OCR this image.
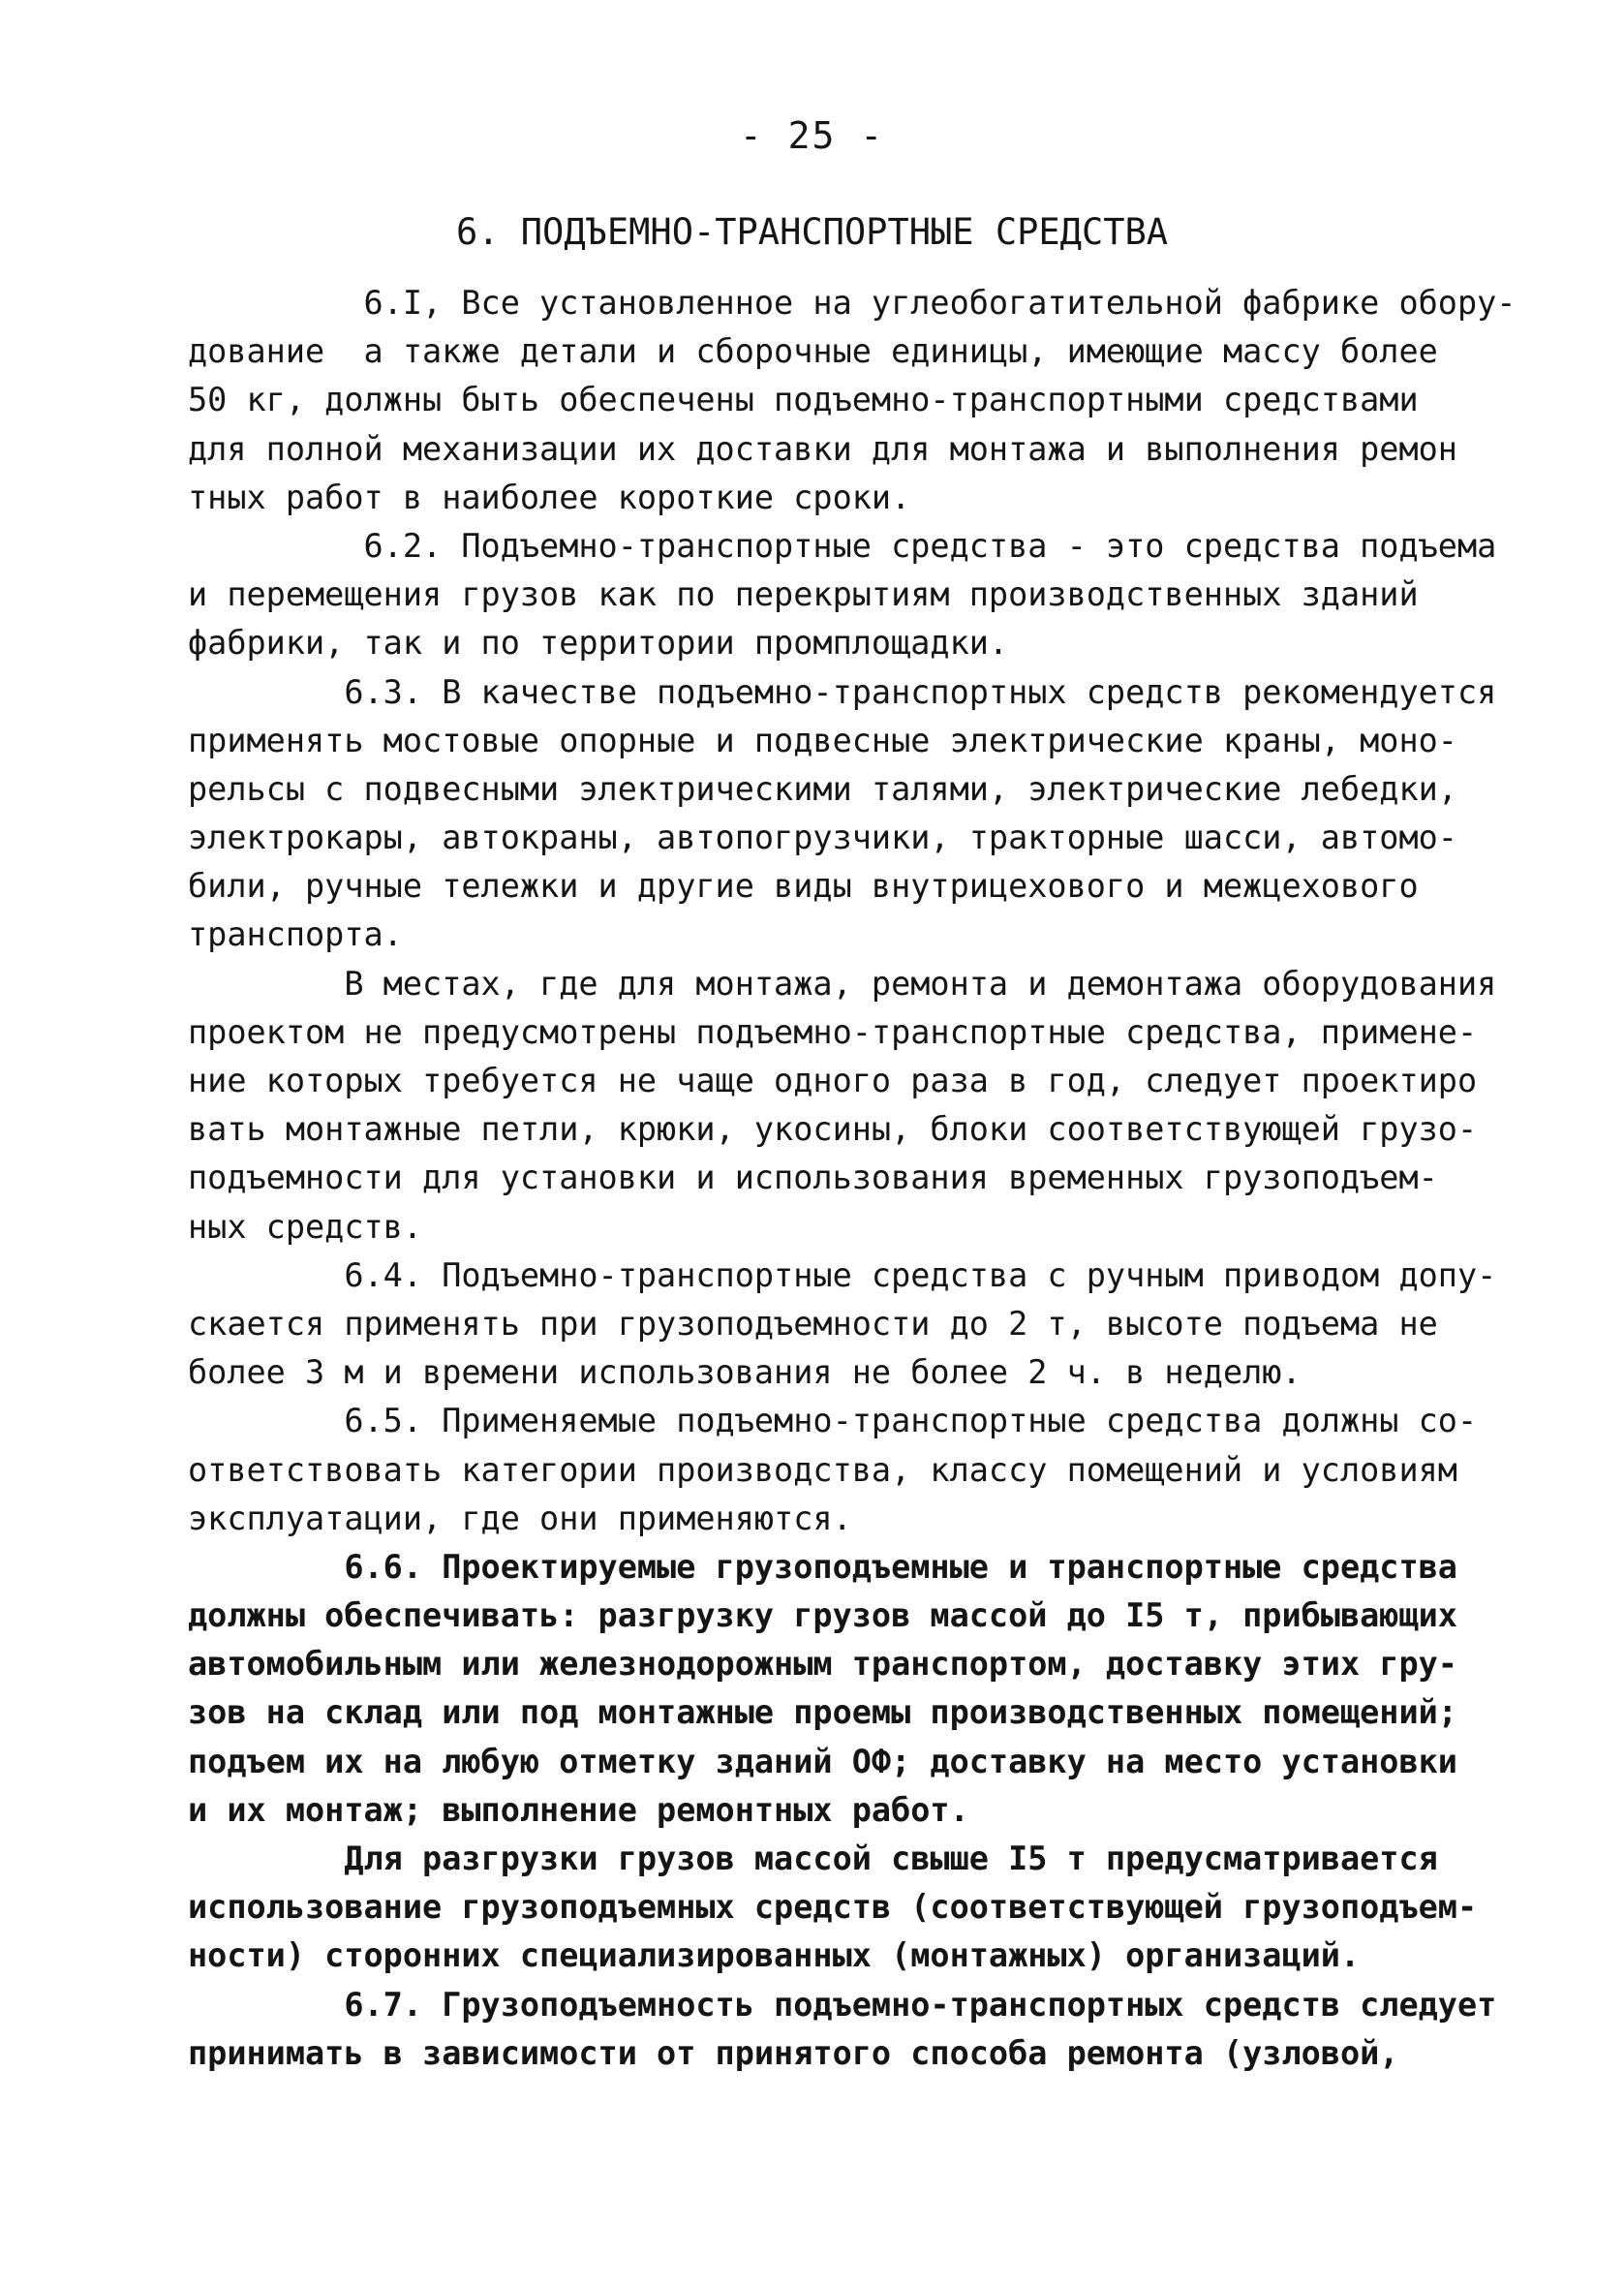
- 25 -
6. ПОДЪЕМНО-ТРАНСПОРТНЫЕ СРЕДСТВА
6.I, Все установленное на углеобогатительной фабрике обору-
дование  а также детали и сборочные единицы, имеющие массу более
50 кг, должны быть обеспечены подъемно-транспортными средствами
для полной механизации их доставки для монтажа и выполнения ремон
тных работ в наиболее короткие сроки.
6.2. Подъемно-транспортные средства - это средства подъема
и перемещения грузов как по перекрытиям производственных зданий
фабрики, так и по территории промплощадки.
6.3. В качестве подъемно-транспортных средств рекомендуется
применять мостовые опорные и подвесные электрические краны, моно-
рельсы с подвесными электрическими талями, электрические лебедки,
электрокары, автокраны, автопогрузчики, тракторные шасси, автомо-
били, ручные тележки и другие виды внутрицехового и межцехового
транспорта.
В местах, где для монтажа, ремонта и демонтажа оборудования
проектом не предусмотрены подъемно-транспортные средства, примене-
ние которых требуется не чаще одного раза в год, следует проектиро
вать монтажные петли, крюки, укосины, блоки соответствующей грузо-
подъемности для установки и использования временных грузоподъем-
ных средств.
6.4. Подъемно-транспортные средства с ручным приводом допу-
скается применять при грузоподъемности до 2 т, высоте подъема не
более 3 м и времени использования не более 2 ч. в неделю.
6.5. Применяемые подъемно-транспортные средства должны со-
ответствовать категории производства, классу помещений и условиям
эксплуатации, где они применяются.
6.6. Проектируемые грузоподъемные и транспортные средства
должны обеспечивать: разгрузку грузов массой до I5 т, прибывающих
автомобильным или железнодорожным транспортом, доставку этих гру-
зов на склад или под монтажные проемы производственных помещений;
подъем их на любую отметку зданий ОФ; доставку на место установки
и их монтаж; выполнение ремонтных работ.
Для разгрузки грузов массой свыше I5 т предусматривается
использование грузоподъемных средств (соответствующей грузоподъем-
ности) сторонних специализированных (монтажных) организаций.
6.7. Грузоподъемность подъемно-транспортных средств следует
принимать в зависимости от принятого способа ремонта (узловой,
